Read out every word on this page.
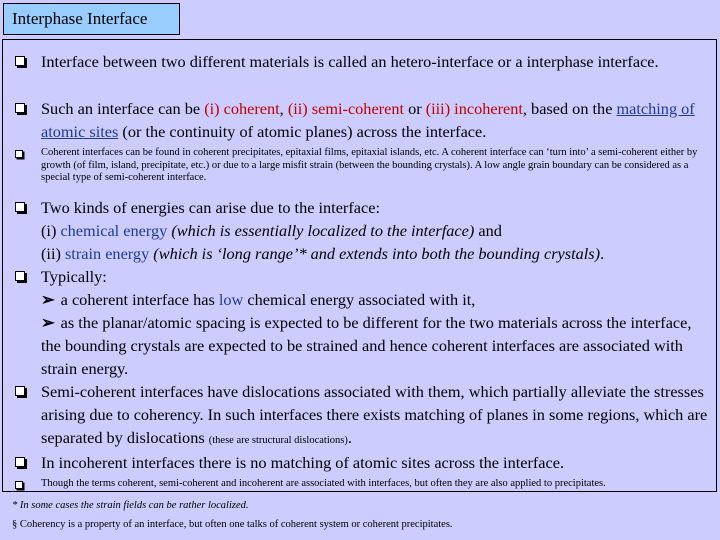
Interphase Interface
Interface between two different materials is called an hetero-interface or a interphase interface.
Such an interface can be (i) coherent, (ii) semi-coherent or (iii) incoherent, based on the matching of atomic sites (or the continuity of atomic planes) across the interface.
Coherent interfaces can be found in coherent precipitates, epitaxial films, epitaxial islands, etc. A coherent interface can ‘turn into’ a semi-coherent either by growth (of film, island, precipitate, etc.) or due to a large misfit strain (between the bounding crystals). A low angle grain boundary can be considered as a special type of semi-coherent interface.
Two kinds of energies can arise due to the interface:
(i) chemical energy (which is essentially localized to the interface) and
(ii) strain energy (which is ‘long range’* and extends into both the bounding crystals).
Typically:
➢ a coherent interface has low chemical energy associated with it,
➢ as the planar/atomic spacing is expected to be different for the two materials across the interface, the bounding crystals are expected to be strained and hence coherent interfaces are associated with strain energy.
Semi-coherent interfaces have dislocations associated with them, which partially alleviate the stresses arising due to coherency. In such interfaces there exists matching of planes in some regions, which are separated by dislocations (these are structural dislocations).
In incoherent interfaces there is no matching of atomic sites across the interface.
Though the terms coherent, semi-coherent and incoherent are associated with interfaces, but often they are also applied to precipitates.
* In some cases the strain fields can be rather localized.
§ Coherency is a property of an interface, but often one talks of coherent system or coherent precipitates.
